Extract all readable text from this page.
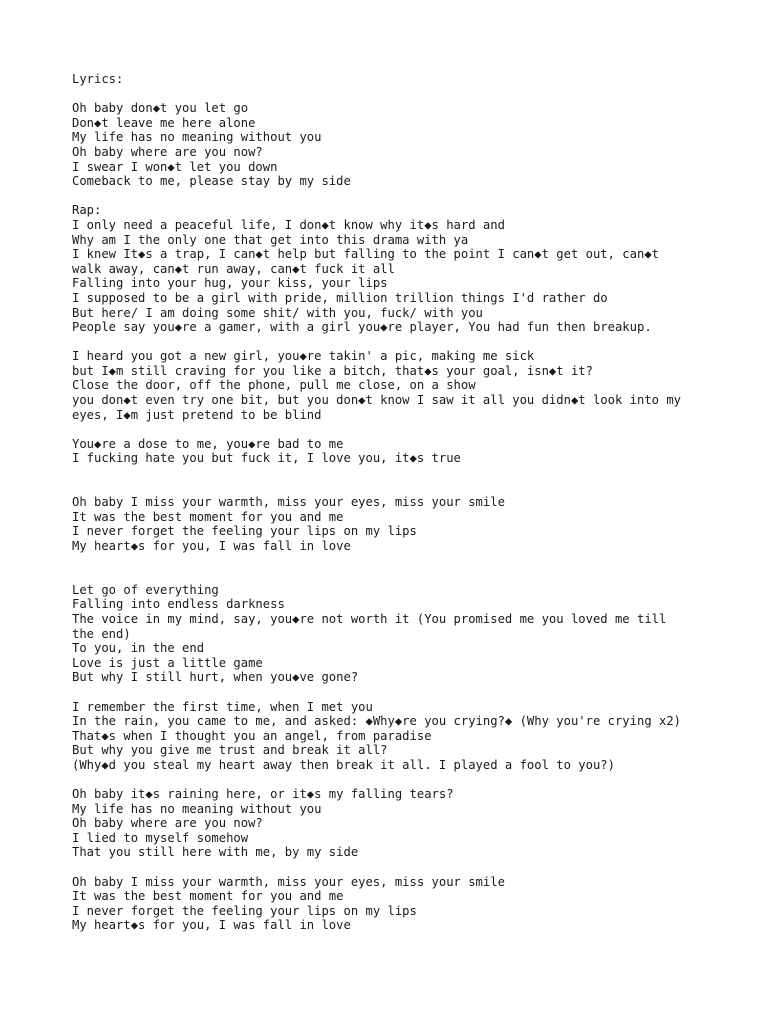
Lyrics:
Oh baby don◆t you let go
Don◆t leave me here alone
My life has no meaning without you
Oh baby where are you now?
I swear I won◆t let you down
Comeback to me, please stay by my side
Rap:
I only need a peaceful life, I don◆t know why it◆s hard and
Why am I the only one that get into this drama with ya
I knew It◆s a trap, I can◆t help but falling to the point I can◆t get out, can◆t
walk away, can◆t run away, can◆t fuck it all
Falling into your hug, your kiss, your lips
I supposed to be a girl with pride, million trillion things I'd rather do
But here/ I am doing some shit/ with you, fuck/ with you
People say you◆re a gamer, with a girl you◆re player, You had fun then breakup.
I heard you got a new girl, you◆re takin' a pic, making me sick
but I◆m still craving for you like a bitch, that◆s your goal, isn◆t it?
Close the door, off the phone, pull me close, on a show
you don◆t even try one bit, but you don◆t know I saw it all you didn◆t look into my
eyes, I◆m just pretend to be blind
You◆re a dose to me, you◆re bad to me
I fucking hate you but fuck it, I love you, it◆s true
Oh baby I miss your warmth, miss your eyes, miss your smile
It was the best moment for you and me
I never forget the feeling your lips on my lips
My heart◆s for you, I was fall in love
Let go of everything
Falling into endless darkness
The voice in my mind, say, you◆re not worth it (You promised me you loved me till
the end)
To you, in the end
Love is just a little game
But why I still hurt, when you◆ve gone?
I remember the first time, when I met you
In the rain, you came to me, and asked: ◆Why◆re you crying?◆ (Why you're crying x2)
That◆s when I thought you an angel, from paradise
But why you give me trust and break it all?
(Why◆d you steal my heart away then break it all. I played a fool to you?)
Oh baby it◆s raining here, or it◆s my falling tears?
My life has no meaning without you
Oh baby where are you now?
I lied to myself somehow
That you still here with me, by my side
Oh baby I miss your warmth, miss your eyes, miss your smile
It was the best moment for you and me
I never forget the feeling your lips on my lips
My heart◆s for you, I was fall in love
